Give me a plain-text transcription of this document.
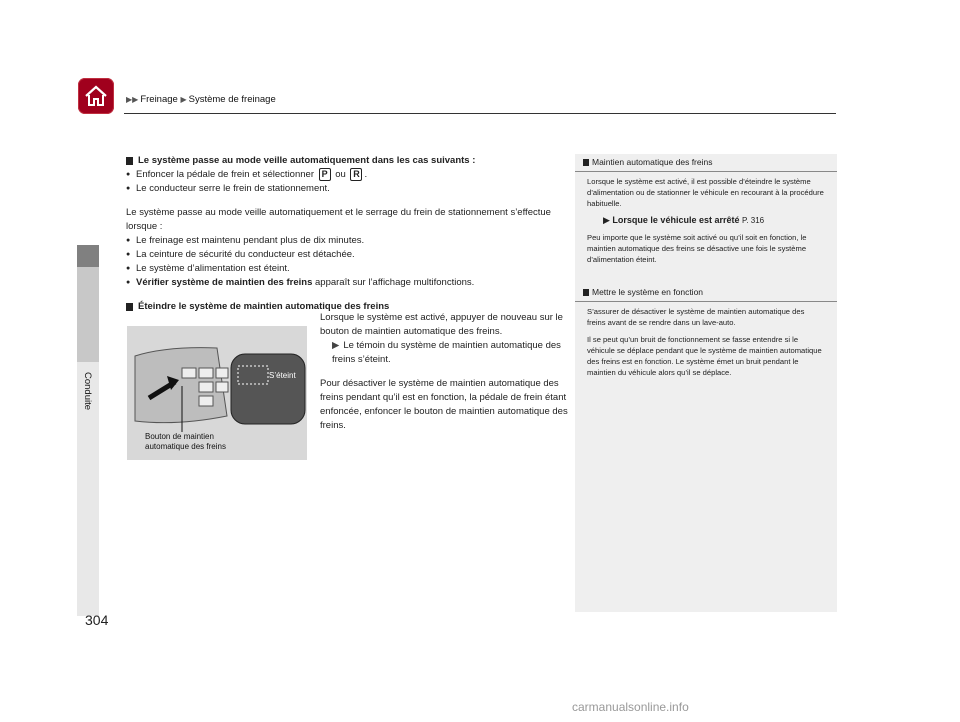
▶▶ Freinage ▶ Système de freinage
Conduite
Le système passe au mode veille automatiquement dans les cas suivants :
● Enfoncer la pédale de frein et sélectionner P ou R .
● Le conducteur serre le frein de stationnement.
Le système passe au mode veille automatiquement et le serrage du frein de stationnement s’effectue lorsque :
● Le freinage est maintenu pendant plus de dix minutes.
● La ceinture de sécurité du conducteur est détachée.
● Le système d’alimentation est éteint.
● Vérifier système de maintien des freins apparaît sur l’affichage multifonctions.
Éteindre le système de maintien automatique des freins
S’éteint
Bouton de maintien
automatique des freins
Lorsque le système est activé, appuyer de nouveau sur le bouton de maintien automatique des freins.
▶ Le témoin du système de maintien automatique des freins s’éteint.
Pour désactiver le système de maintien automatique des freins pendant qu’il est en fonction, la pédale de frein étant enfoncée, enfoncer le bouton de maintien automatique des freins.
Maintien automatique des freins

Lorsque le système est activé, il est possible d’éteindre le système d’alimentation ou de stationner le véhicule en recourant à la procédure habituelle.

▶ Lorsque le véhicule est arrêté P. 316

Peu importe que le système soit activé ou qu’il soit en fonction, le maintien automatique des freins se désactive une fois le système d’alimentation éteint.

Mettre le système en fonction

S’assurer de désactiver le système de maintien automatique des freins avant de se rendre dans un lave-auto.

Il se peut qu’un bruit de fonctionnement se fasse entendre si le véhicule se déplace pendant que le système de maintien automatique des freins est en fonction. Le système émet un bruit pendant le maintien du véhicule alors qu’il se déplace.

304
carmanualsonline.info
